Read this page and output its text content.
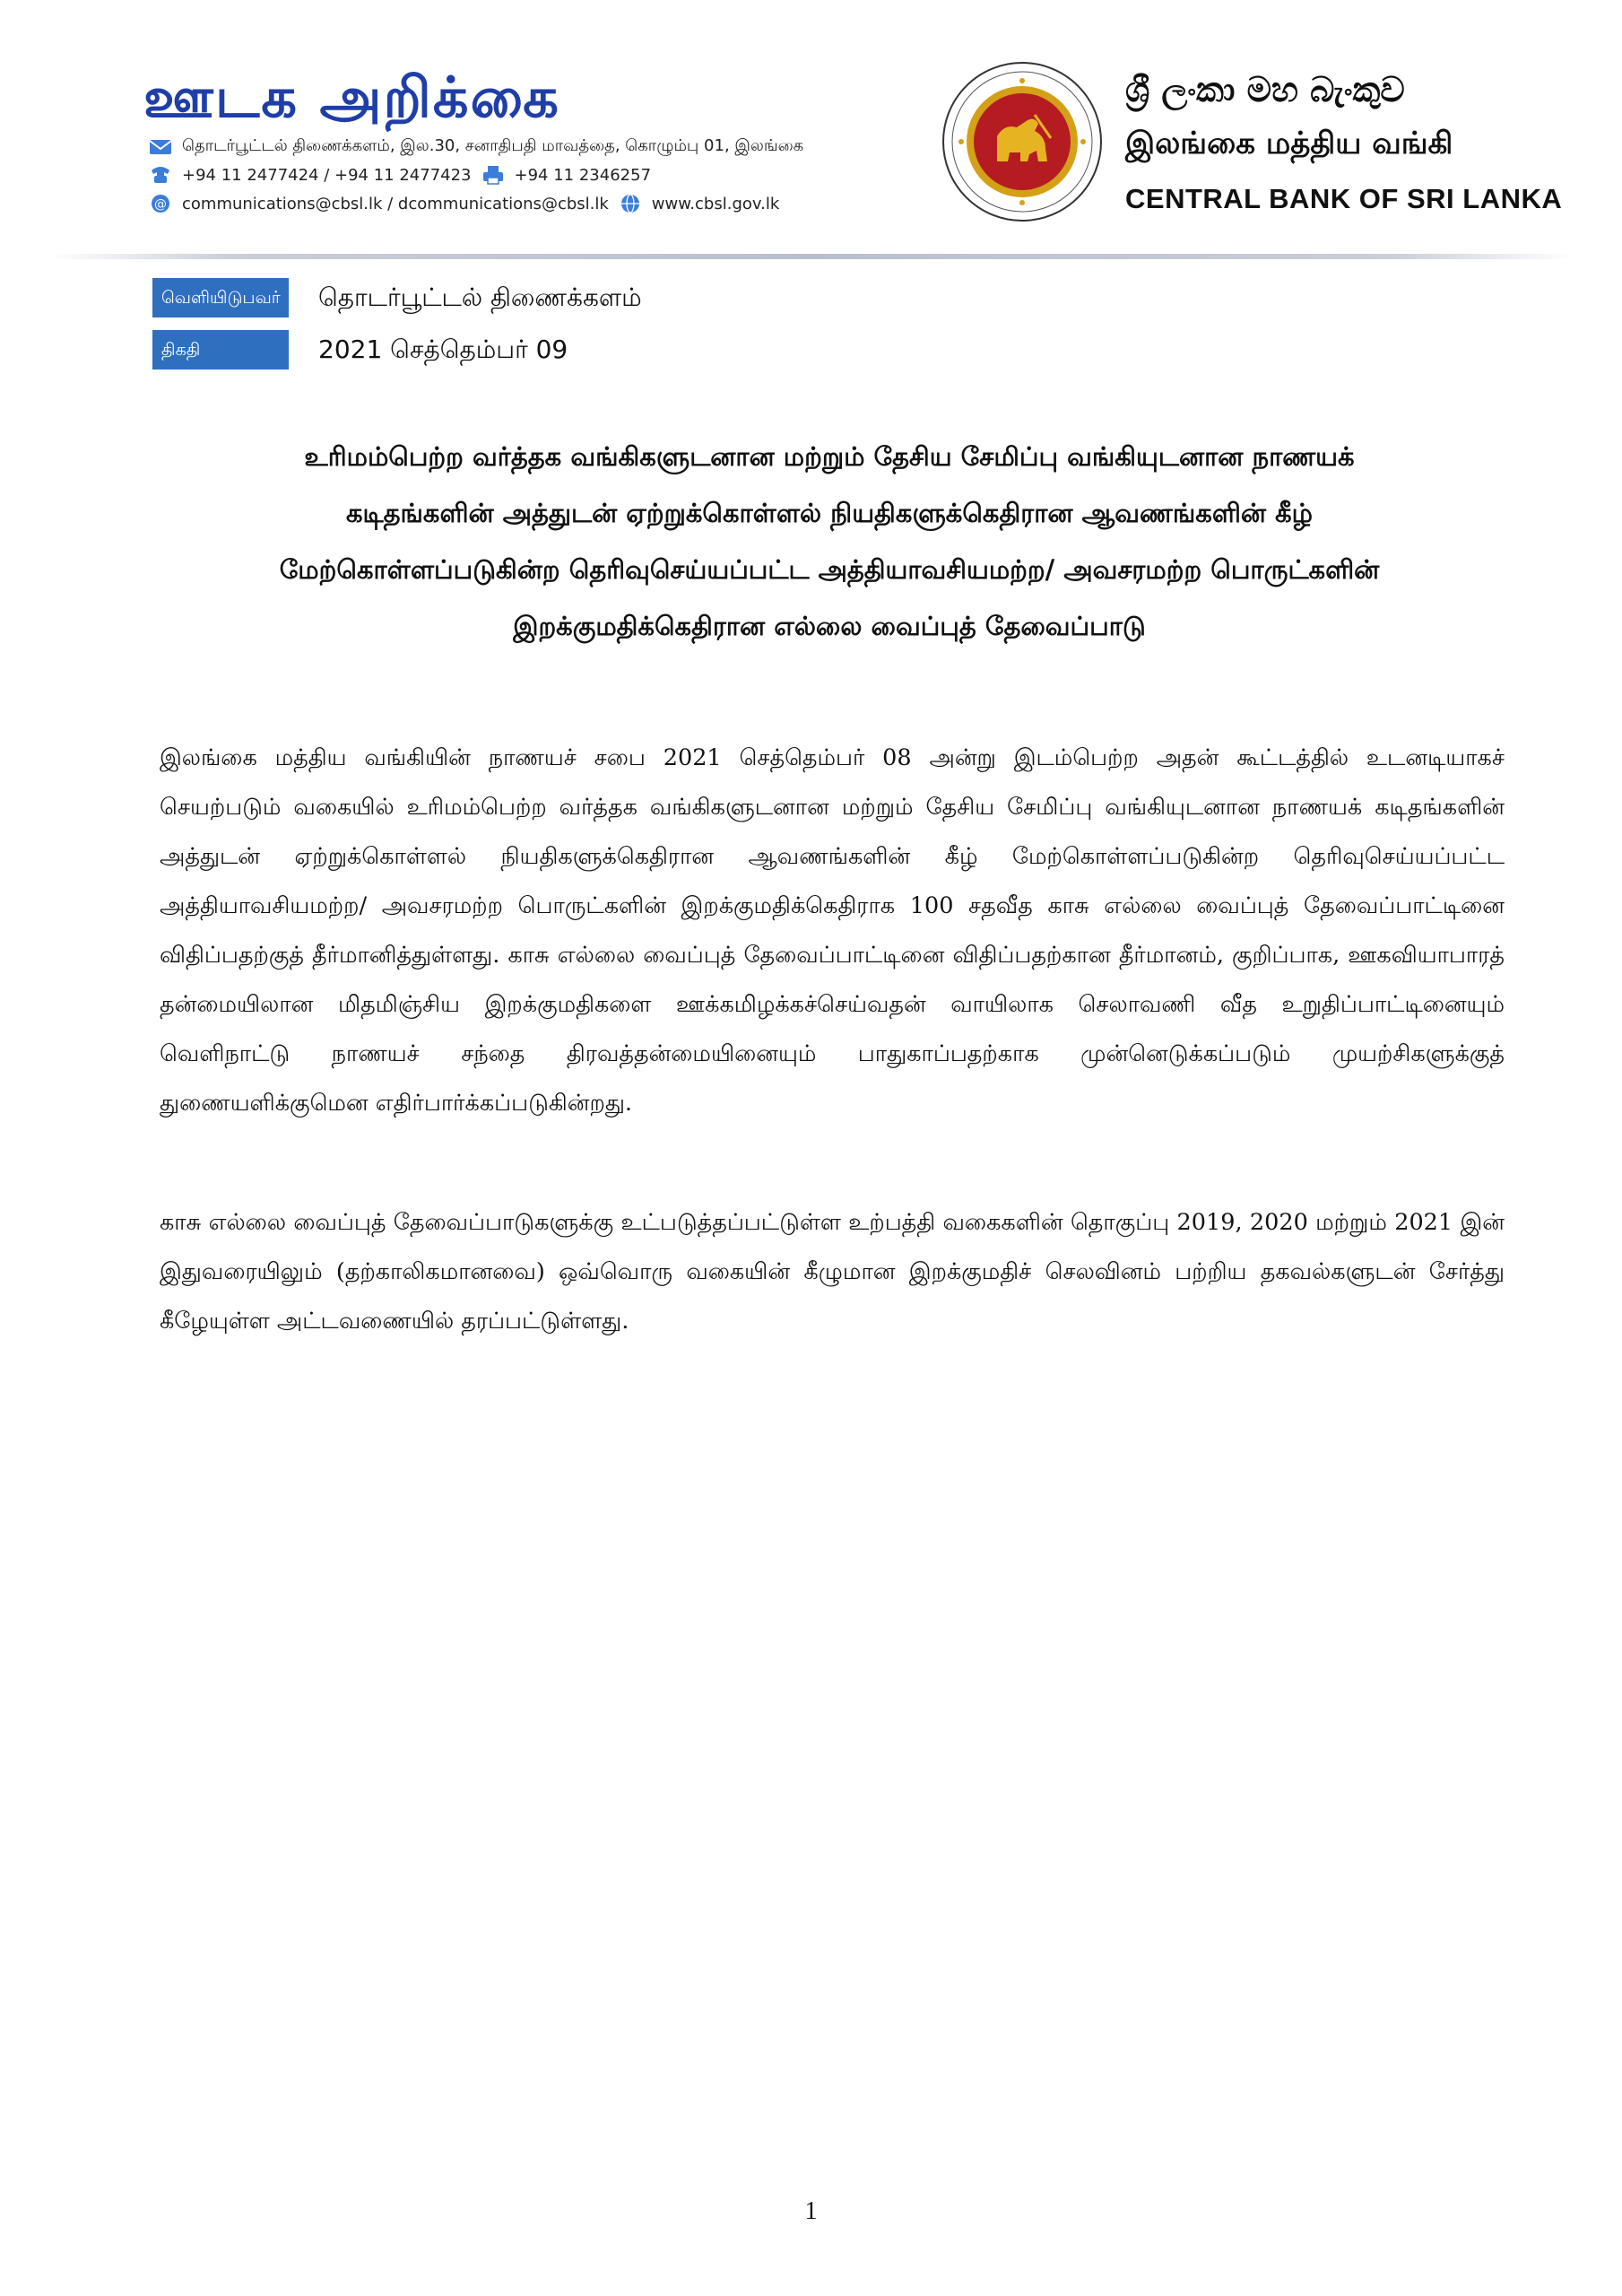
ஊடக அறிக்கை
தொடர்பூட்டல் திணைக்களம், இல.30, சனாதிபதி மாவத்தை, கொழும்பு 01, இலங்கை
+94 11 2477424 / +94 11 2477423	+94 11 2346257
@ communications@cbsl.lk / dcommunications@cbsl.lk	www.cbsl.gov.lk
ශ්‍රී ලංකා මහ බැංකුව
இலங்கை மத்திய வங்கி
CENTRAL BANK OF SRI LANKA
வெளியிடுபவர்	தொடர்பூட்டல் திணைக்களம்
திகதி	2021 செத்தெம்பர் 09
உரிமம்பெற்ற வர்த்தக வங்கிகளுடனான மற்றும் தேசிய சேமிப்பு வங்கியுடனான நாணயக்
கடிதங்களின் அத்துடன் ஏற்றுக்கொள்ளல் நியதிகளுக்கெதிரான ஆவணங்களின் கீழ்
மேற்கொள்ளப்படுகின்ற தெரிவுசெய்யப்பட்ட அத்தியாவசியமற்ற/ அவசரமற்ற பொருட்களின்
இறக்குமதிக்கெதிரான எல்லை வைப்புத் தேவைப்பாடு

இலங்கை மத்திய வங்கியின் நாணயச் சபை 2021 செத்தெம்பர் 08 அன்று இடம்பெற்ற அதன் கூட்டத்தில் உடனடியாகச் செயற்படும் வகையில் உரிமம்பெற்ற வர்த்தக வங்கிகளுடனான மற்றும் தேசிய சேமிப்பு வங்கியுடனான நாணயக் கடிதங்களின் அத்துடன் ஏற்றுக்கொள்ளல் நியதிகளுக்கெதிரான ஆவணங்களின் கீழ் மேற்கொள்ளப்படுகின்ற தெரிவுசெய்யப்பட்ட அத்தியாவசியமற்ற/ அவசரமற்ற பொருட்களின் இறக்குமதிக்கெதிராக 100 சதவீத காசு எல்லை வைப்புத் தேவைப்பாட்டினை விதிப்பதற்குத் தீர்மானித்துள்ளது. காசு எல்லை வைப்புத் தேவைப்பாட்டினை விதிப்பதற்கான தீர்மானம், குறிப்பாக, ஊகவியாபாரத் தன்மையிலான மிதமிஞ்சிய இறக்குமதிகளை ஊக்கமிழக்கச்செய்வதன் வாயிலாக செலாவணி வீத உறுதிப்பாட்டினையும் வெளிநாட்டு நாணயச் சந்தை திரவத்தன்மையினையும் பாதுகாப்பதற்காக முன்னெடுக்கப்படும் முயற்சிகளுக்குத் துணையளிக்குமென எதிர்பார்க்கப்படுகின்றது.

காசு எல்லை வைப்புத் தேவைப்பாடுகளுக்கு உட்படுத்தப்பட்டுள்ள உற்பத்தி வகைகளின் தொகுப்பு 2019, 2020 மற்றும் 2021 இன் இதுவரையிலும் (தற்காலிகமானவை) ஒவ்வொரு வகையின் கீழுமான இறக்குமதிச் செலவினம் பற்றிய தகவல்களுடன் சேர்த்து கீழேயுள்ள அட்டவணையில் தரப்பட்டுள்ளது.

1
